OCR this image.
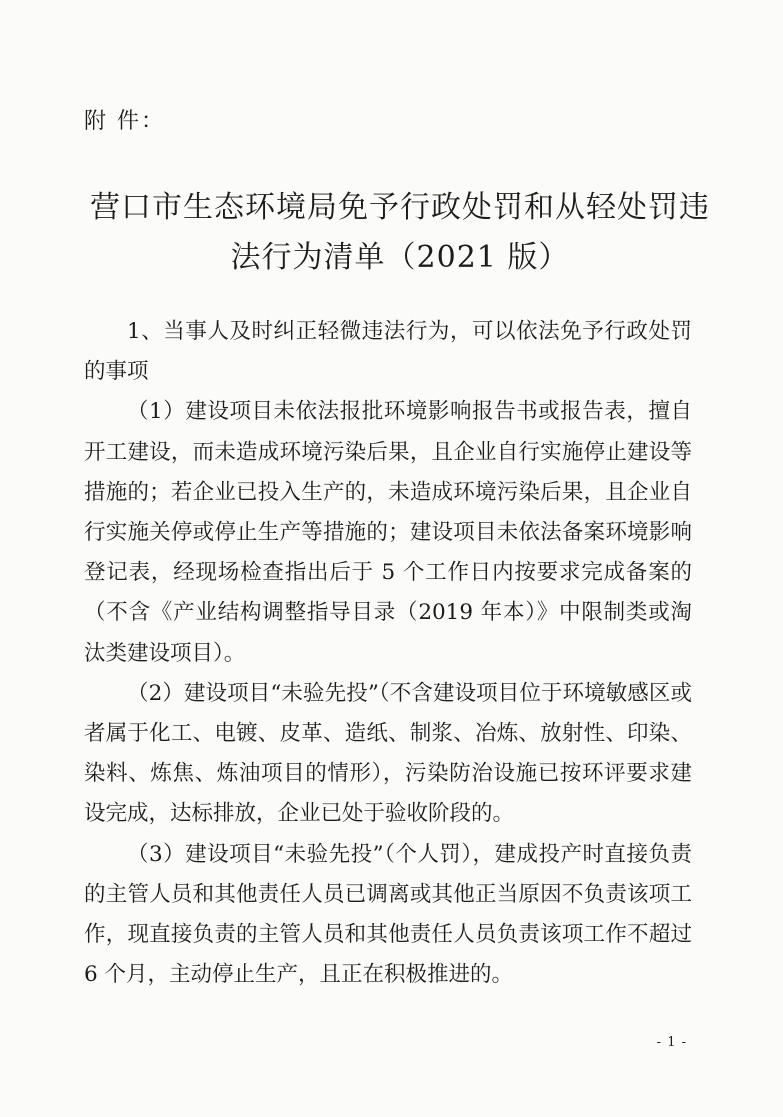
附 件：
营口市生态环境局免予行政处罚和从轻处罚违
法行为清单（2021 版）

1、当事人及时纠正轻微违法行为，可以依法免予行政处罚的事项

（1）建设项目未依法报批环境影响报告书或报告表，擅自开工建设，而未造成环境污染后果，且企业自行实施停止建设等措施的；若企业已投入生产的，未造成环境污染后果，且企业自行实施关停或停止生产等措施的；建设项目未依法备案环境影响登记表，经现场检查指出后于 5 个工作日内按要求完成备案的（不含《产业结构调整指导目录（2019 年本）》中限制类或淘汰类建设项目）。

（2）建设项目“未验先投”（不含建设项目位于环境敏感区或者属于化工、电镀、皮革、造纸、制浆、冶炼、放射性、印染、染料、炼焦、炼油项目的情形），污染防治设施已按环评要求建设完成，达标排放，企业已处于验收阶段的。

（3）建设项目“未验先投”（个人罚），建成投产时直接负责的主管人员和其他责任人员已调离或其他正当原因不负责该项工作，现直接负责的主管人员和其他责任人员负责该项工作不超过 6 个月，主动停止生产，且正在积极推进的。

- 1 -
